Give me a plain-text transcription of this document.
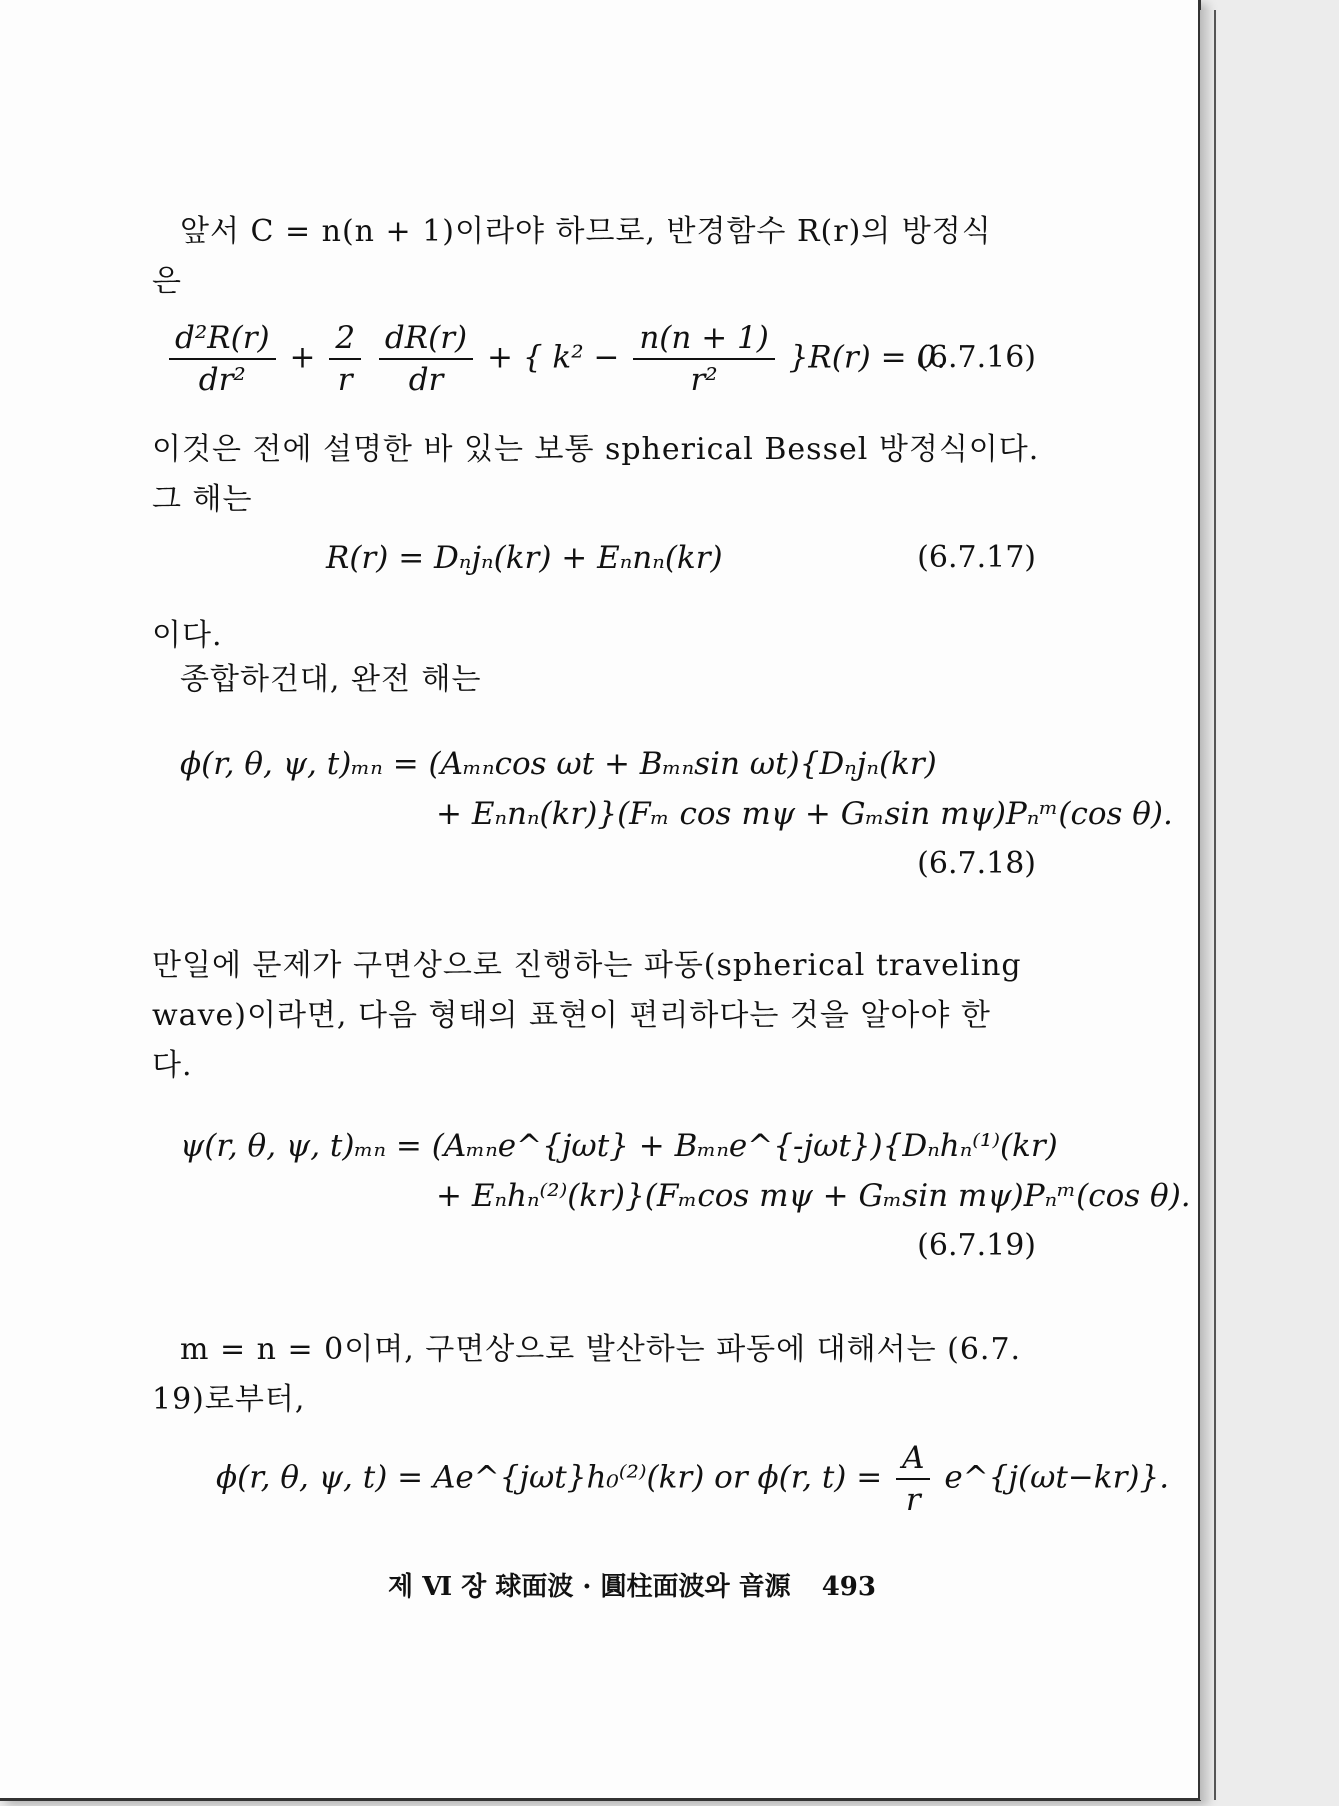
앞서 C = n(n + 1)이라야 하므로, 반경함수 R(r)의 방정식
은
$\frac{\text{d²R(r)}}{\text{dr²}} + \frac{2}{r}$
$\frac{dR(r)}{dr}$ + { $k^2 - \frac{n(n + 1)}{\text{r²}} \}R(r) = 0$.
(6.7.16)
이것은 전에 설명한 바 있는 보통 spherical Bessel 방정식이다.
그 해는
R(r) = Dₙjₙ(kr) + Eₙnₙ(kr)	(6.7.17)
이다.
종합하건대, 완전 해는
ϕ(r, θ, ψ, t)ₘₙ = (Aₘₙcos ωt + Bₘₙsin ωt){Dₙjₙ(kr)
+ Eₙnₙ(kr)}(Fₘ cos mψ + Gₘsin mψ)Pₙᵐ(cos θ).
(6.7.18)
만일에 문제가 구면상으로 진행하는 파동(spherical traveling
wave)이라면, 다음 형태의 표현이 편리하다는 것을 알아야 한
다.
ψ(r, θ, ψ, t)ₘₙ = (Aₘₙe^{jωt} + Bₘₙe^{-jωt}){Dₙhₙ⁽¹⁾(kr)
+ Eₙhₙ⁽²⁾(kr)}(Fₘcos mψ + Gₘsin mψ)Pₙᵐ(cos θ).
(6.7.19)
m = n = 0이며, 구면상으로 발산하는 파동에 대해서는 (6.7.
19)로부터,
ϕ(r, θ, ψ, t) = Ae^{jωt}h₀⁽²⁾(kr) or ϕ(r, $t) = \frac{A}{r}$ e^{j(ωt−kr)}.
제 Ⅵ 장 球面波 · 圓柱面波와 音源 493
